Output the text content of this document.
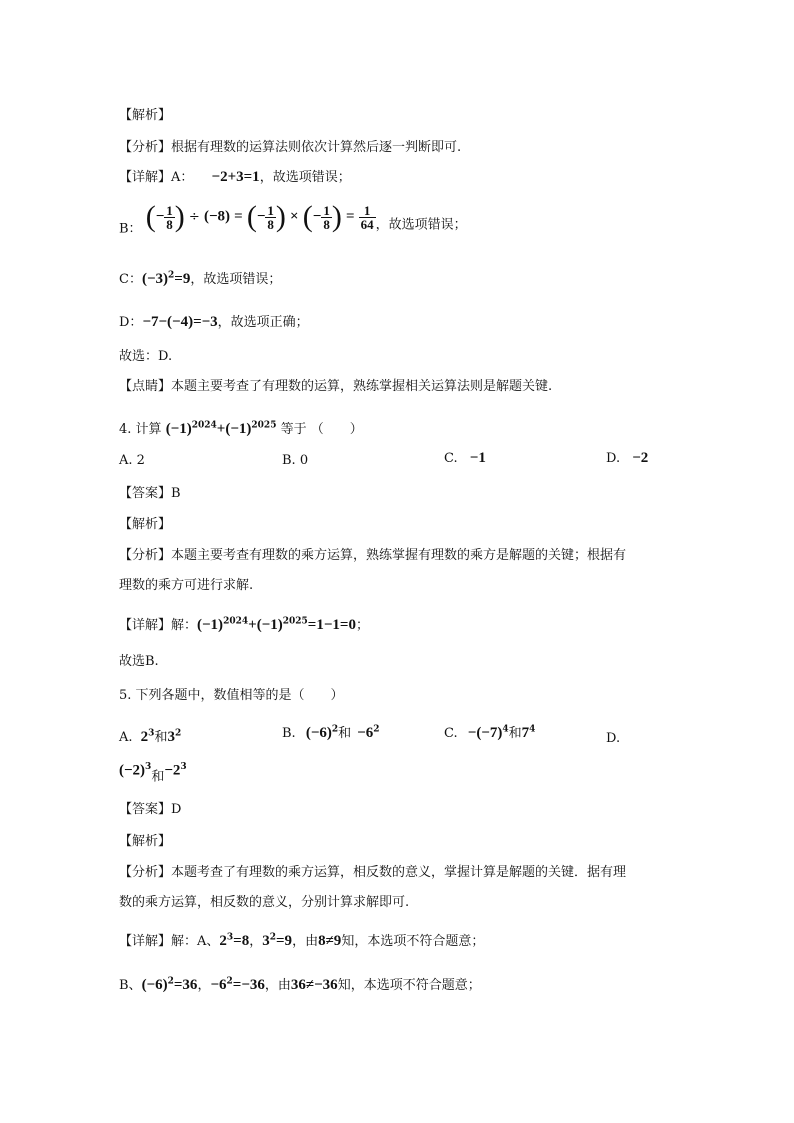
【解析】
【分析】根据有理数的运算法则依次计算然后逐一判断即可.
【详解】A： −2+3=1，故选项错误；
B： (− $\frac{1}{8}$ ) ÷ (−8) = (− $\frac{1}{8}$ ) × (− $\frac{1}{8}$ ) = $\frac{1}{64}$ ，故选项错误；
C：$(-3)^2=9$，故选项错误；
D：−7−(−4)=−3，故选项正确；
故选：D.
【点睛】本题主要考查了有理数的运算，熟练掌握相关运算法则是解题关键.
4. 计算 $(-1)^{2024}+(-1)^{2025}$ 等于 （　　）
A. 2	B. 0	C. −1	D. −2
【答案】B
【解析】
【分析】本题主要考查有理数的乘方运算，熟练掌握有理数的乘方是解题的关键；根据有
理数的乘方可进行求解.
【详解】解：$(-1)^{2024}+(-1)^{2025}=1-1=0$；
故选B.
5. 下列各题中，数值相等的是（　　）
A. $2^3$和$3^2$	B. $(-6)^2$和 $-6^2$	C. $-(-7)^4$和$7^4$
D.
$(-2)^3$和$-2^3$
【答案】D
【解析】
【分析】本题考查了有理数的乘方运算，相反数的意义，掌握计算是解题的关键．据有理
数的乘方运算，相反数的意义，分别计算求解即可.
【详解】解：A、$2^3=8$，$3^2=9$，由8≠9知，本选项不符合题意；
B、$(-6)^2=36$，$-6^2=-36$，由36≠−36知，本选项不符合题意；
